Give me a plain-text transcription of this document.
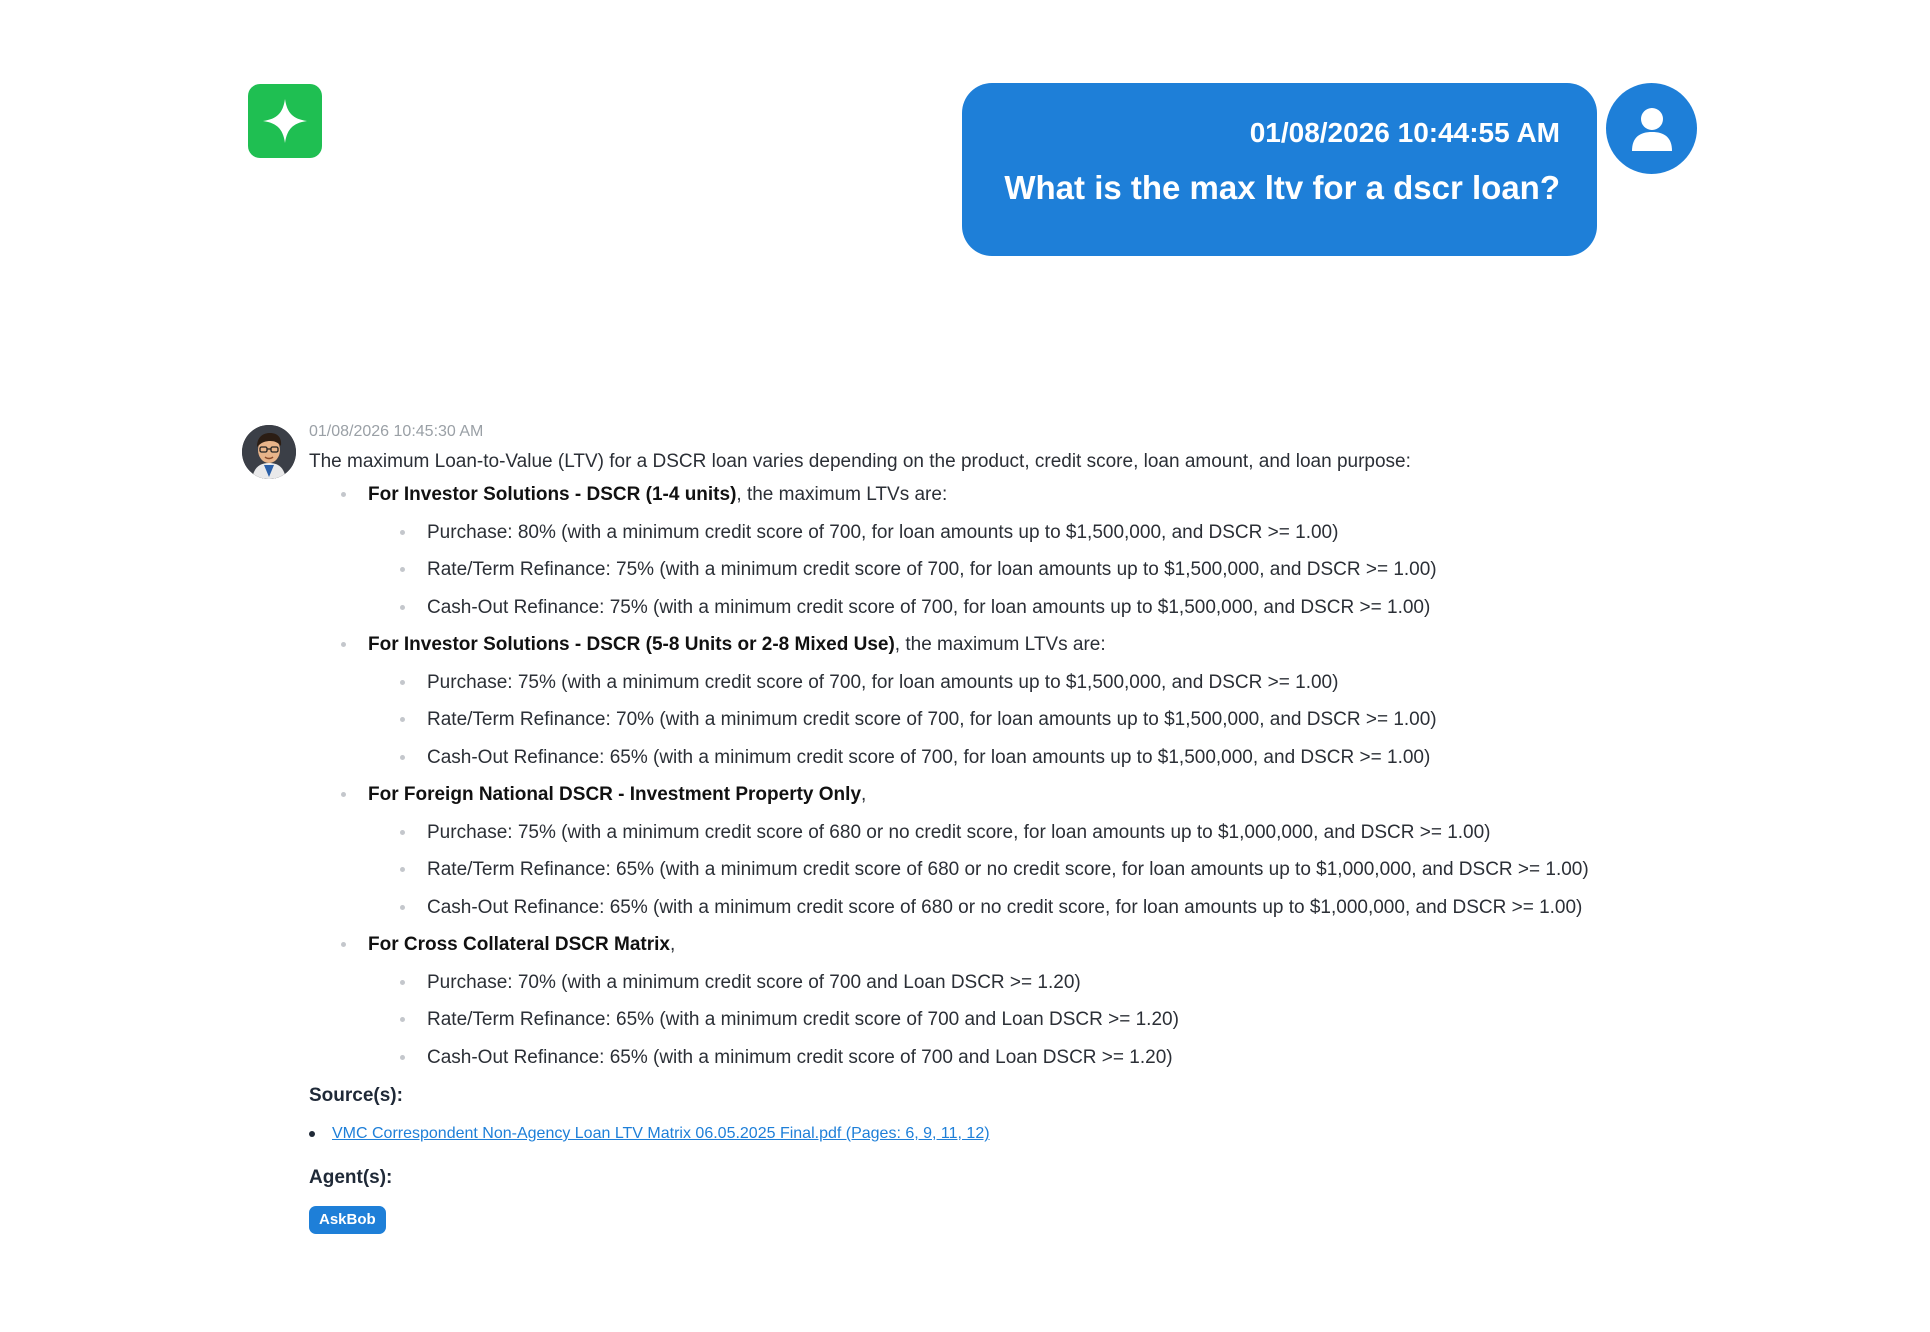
01/08/2026 10:44:55 AM
What is the max ltv for a dscr loan?
01/08/2026 10:45:30 AM
The maximum Loan-to-Value (LTV) for a DSCR loan varies depending on the product, credit score, loan amount, and loan purpose:
For Investor Solutions - DSCR (1-4 units), the maximum LTVs are:
Purchase: 80% (with a minimum credit score of 700, for loan amounts up to $1,500,000, and DSCR >= 1.00)
Rate/Term Refinance: 75% (with a minimum credit score of 700, for loan amounts up to $1,500,000, and DSCR >= 1.00)
Cash-Out Refinance: 75% (with a minimum credit score of 700, for loan amounts up to $1,500,000, and DSCR >= 1.00)
For Investor Solutions - DSCR (5-8 Units or 2-8 Mixed Use), the maximum LTVs are:
Purchase: 75% (with a minimum credit score of 700, for loan amounts up to $1,500,000, and DSCR >= 1.00)
Rate/Term Refinance: 70% (with a minimum credit score of 700, for loan amounts up to $1,500,000, and DSCR >= 1.00)
Cash-Out Refinance: 65% (with a minimum credit score of 700, for loan amounts up to $1,500,000, and DSCR >= 1.00)
For Foreign National DSCR - Investment Property Only,
Purchase: 75% (with a minimum credit score of 680 or no credit score, for loan amounts up to $1,000,000, and DSCR >= 1.00)
Rate/Term Refinance: 65% (with a minimum credit score of 680 or no credit score, for loan amounts up to $1,000,000, and DSCR >= 1.00)
Cash-Out Refinance: 65% (with a minimum credit score of 680 or no credit score, for loan amounts up to $1,000,000, and DSCR >= 1.00)
For Cross Collateral DSCR Matrix,
Purchase: 70% (with a minimum credit score of 700 and Loan DSCR >= 1.20)
Rate/Term Refinance: 65% (with a minimum credit score of 700 and Loan DSCR >= 1.20)
Cash-Out Refinance: 65% (with a minimum credit score of 700 and Loan DSCR >= 1.20)
Source(s):
VMC Correspondent Non-Agency Loan LTV Matrix 06.05.2025 Final.pdf (Pages: 6, 9, 11, 12)
Agent(s):
AskBob
